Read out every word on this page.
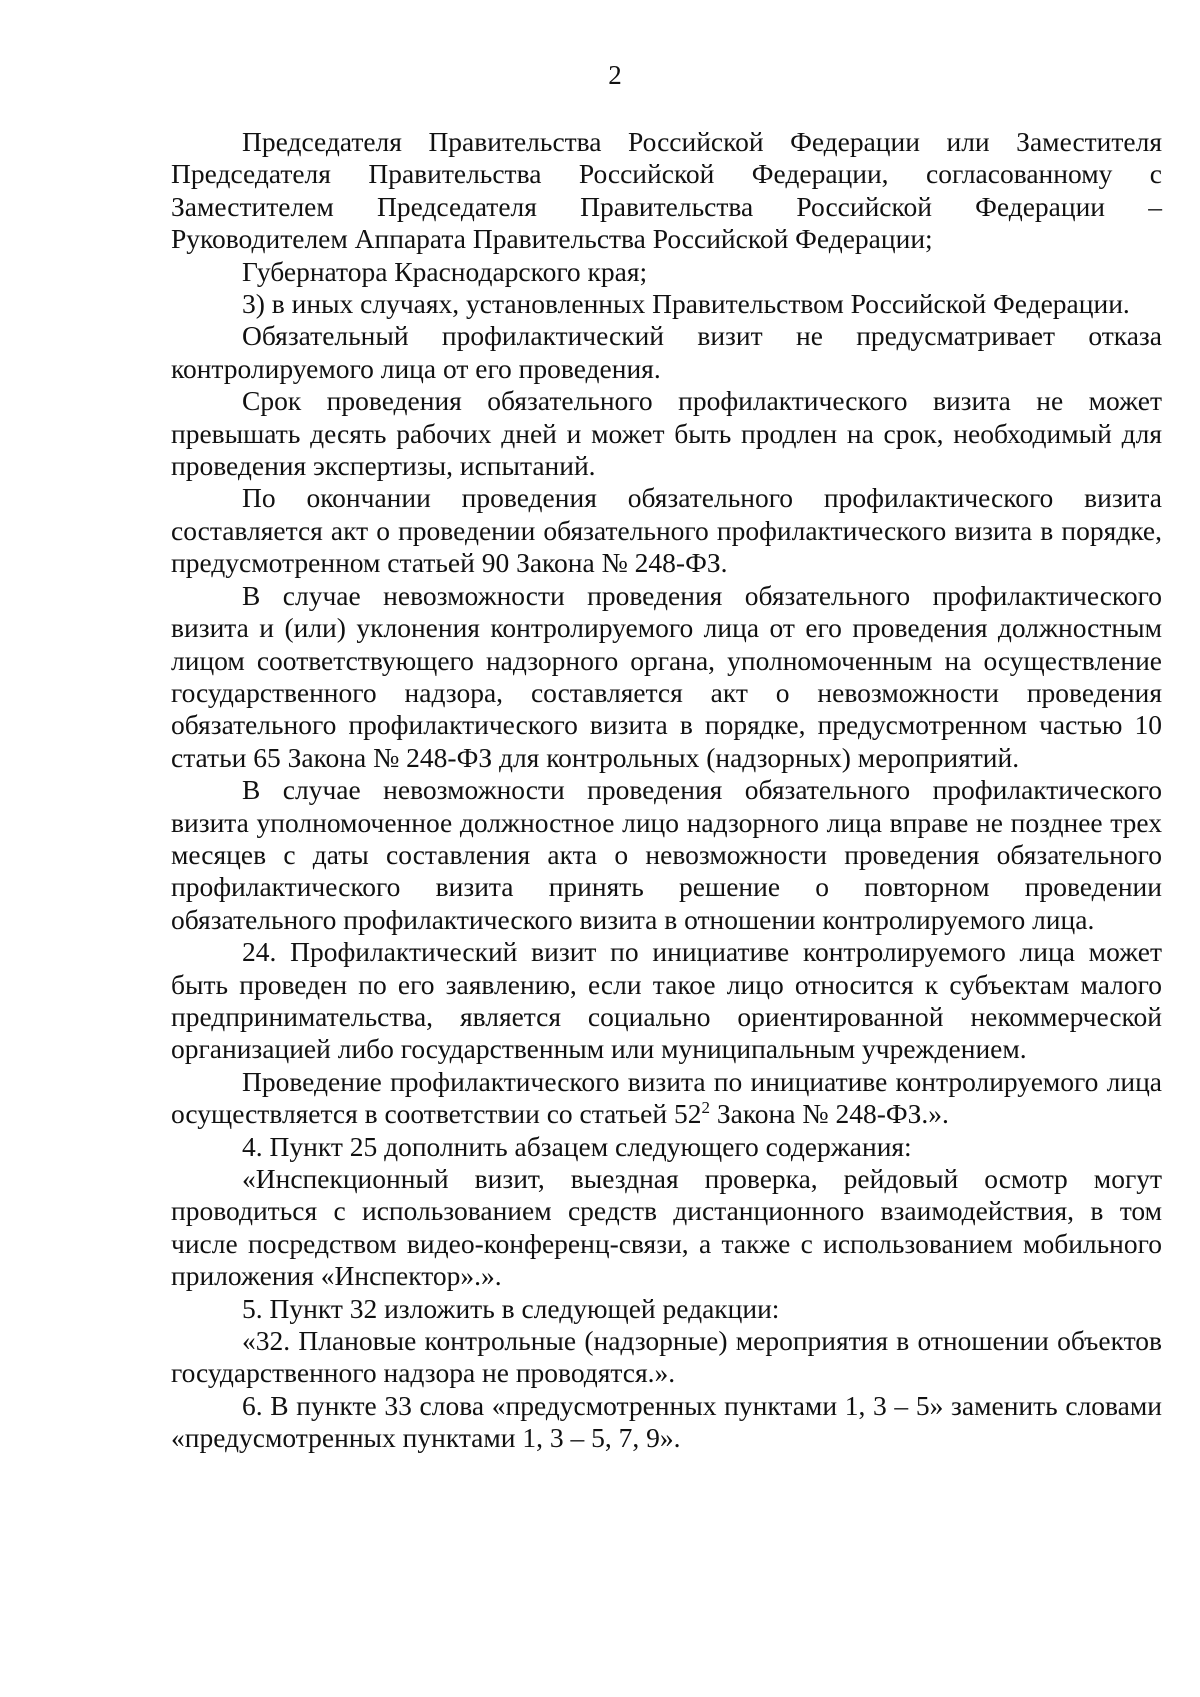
2

Председателя Правительства Российской Федерации или Заместителя Председателя Правительства Российской Федерации, согласованному с Заместителем Председателя Правительства Российской Федерации – Руководителем Аппарата Правительства Российской Федерации;

Губернатора Краснодарского края;

3) в иных случаях, установленных Правительством Российской Федерации.

Обязательный профилактический визит не предусматривает отказа контролируемого лица от его проведения.

Срок проведения обязательного профилактического визита не может превышать десять рабочих дней и может быть продлен на срок, необходимый для проведения экспертизы, испытаний.

По окончании проведения обязательного профилактического визита составляется акт о проведении обязательного профилактического визита в порядке, предусмотренном статьей 90 Закона № 248-ФЗ.

В случае невозможности проведения обязательного профилактического визита и (или) уклонения контролируемого лица от его проведения должностным лицом соответствующего надзорного органа, уполномоченным на осуществление государственного надзора, составляется акт о невозможности проведения обязательного профилактического визита в порядке, предусмотренном частью 10 статьи 65 Закона № 248-ФЗ для контрольных (надзорных) мероприятий.

В случае невозможности проведения обязательного профилактического визита уполномоченное должностное лицо надзорного лица вправе не позднее трех месяцев с даты составления акта о невозможности проведения обязательного профилактического визита принять решение о повторном проведении обязательного профилактического визита в отношении контролируемого лица.

24. Профилактический визит по инициативе контролируемого лица может быть проведен по его заявлению, если такое лицо относится к субъектам малого предпринимательства, является социально ориентированной некоммерческой организацией либо государственным или муниципальным учреждением.

Проведение профилактического визита по инициативе контролируемого лица осуществляется в соответствии со статьей $52^2$ Закона № 248-ФЗ.».

4. Пункт 25 дополнить абзацем следующего содержания:

«Инспекционный визит, выездная проверка, рейдовый осмотр могут проводиться с использованием средств дистанционного взаимодействия, в том числе посредством видео-конференц-связи, а также с использованием мобильного приложения «Инспектор».».

5. Пункт 32 изложить в следующей редакции:

«32. Плановые контрольные (надзорные) мероприятия в отношении объектов государственного надзора не проводятся.».

6. В пункте 33 слова «предусмотренных пунктами 1, 3 – 5» заменить словами «предусмотренных пунктами 1, 3 – 5, 7, 9».
